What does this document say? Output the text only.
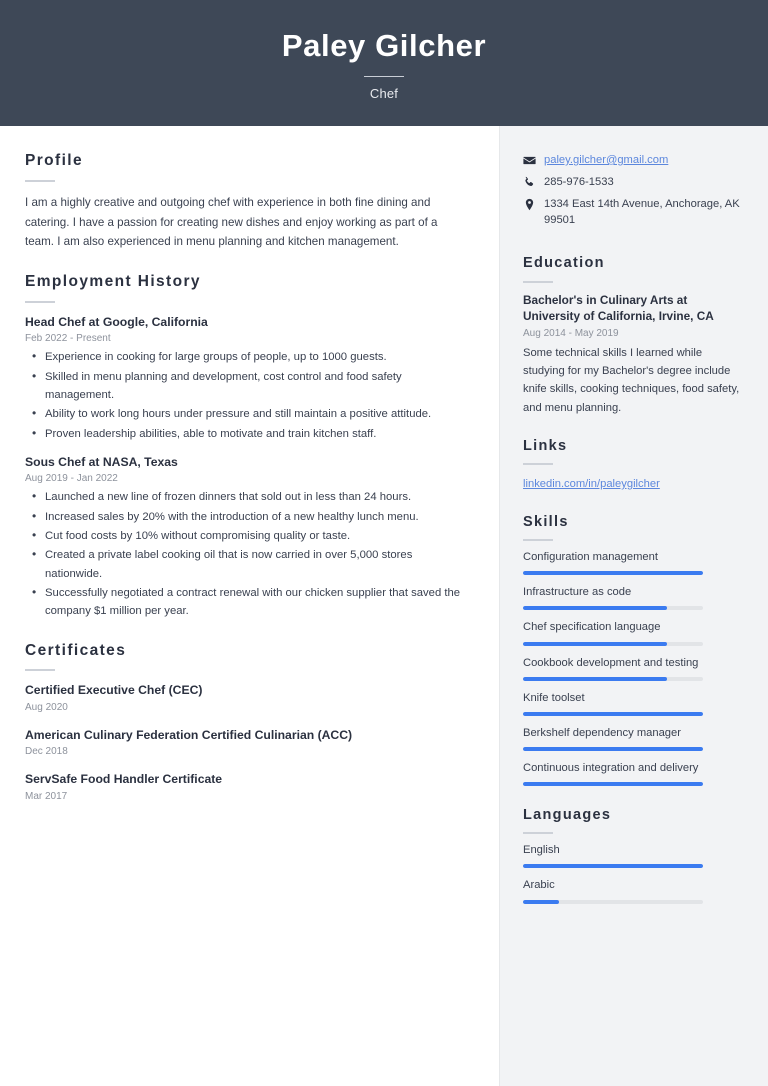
Paley Gilcher
Chef
Profile

I am a highly creative and outgoing chef with experience in both fine dining and catering. I have a passion for creating new dishes and enjoy working as part of a team. I am also experienced in menu planning and kitchen management.

Employment History
Head Chef at Google, California
Feb 2022 - Present
• Experience in cooking for large groups of people, up to 1000 guests.
• Skilled in menu planning and development, cost control and food safety management.
• Ability to work long hours under pressure and still maintain a positive attitude.
• Proven leadership abilities, able to motivate and train kitchen staff.
Sous Chef at NASA, Texas
Aug 2019 - Jan 2022
• Launched a new line of frozen dinners that sold out in less than 24 hours.
• Increased sales by 20% with the introduction of a new healthy lunch menu.
• Cut food costs by 10% without compromising quality or taste.
• Created a private label cooking oil that is now carried in over 5,000 stores nationwide.
• Successfully negotiated a contract renewal with our chicken supplier that saved the company $1 million per year.
Certificates
Certified Executive Chef (CEC)
Aug 2020
American Culinary Federation Certified Culinarian (ACC)
Dec 2018
ServSafe Food Handler Certificate
Mar 2017
paley.gilcher@gmail.com
285-976-1533
1334 East 14th Avenue, Anchorage, AK 99501
Education
Bachelor's in Culinary Arts at University of California, Irvine, CA
Aug 2014 - May 2019

Some technical skills I learned while studying for my Bachelor's degree include knife skills, cooking techniques, food safety, and menu planning.

Links
linkedin.com/in/paleygilcher
Skills
Configuration management
Infrastructure as code
Chef specification language
Cookbook development and testing
Knife toolset
Berkshelf dependency manager
Continuous integration and delivery
Languages
English
Arabic
